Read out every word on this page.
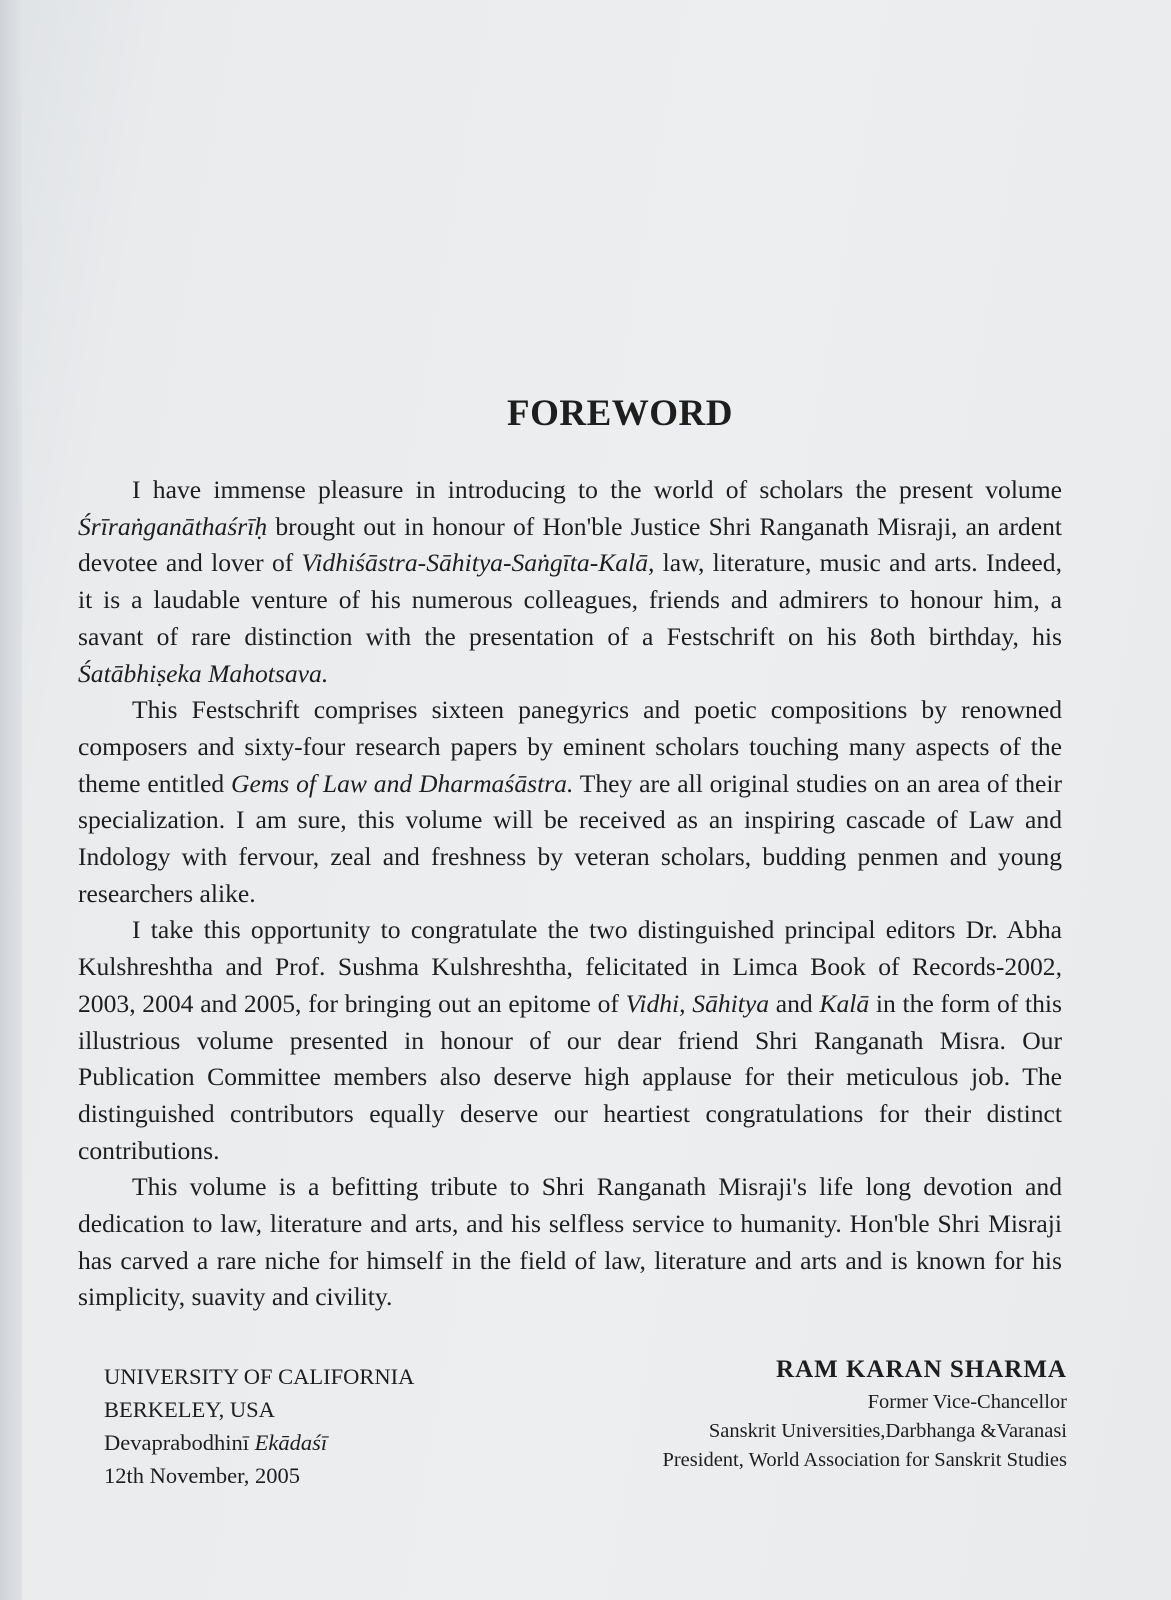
FOREWORD

I have immense pleasure in introducing to the world of scholars the present volume Śrīraṅganāthaśrīḥ brought out in honour of Hon'ble Justice Shri Ranganath Misraji, an ardent devotee and lover of Vidhiśāstra-Sāhitya-Saṅgīta-Kalā, law, literature, music and arts. Indeed, it is a laudable venture of his numerous colleagues, friends and admirers to honour him, a savant of rare distinction with the presentation of a Festschrift on his 8oth birthday, his Śatābhiṣeka Mahotsava.

This Festschrift comprises sixteen panegyrics and poetic compositions by renowned composers and sixty-four research papers by eminent scholars touching many aspects of the theme entitled Gems of Law and Dharmaśāstra. They are all original studies on an area of their specialization. I am sure, this volume will be received as an inspiring cascade of Law and Indology with fervour, zeal and freshness by veteran scholars, budding penmen and young researchers alike.

I take this opportunity to congratulate the two distinguished principal editors Dr. Abha Kulshreshtha and Prof. Sushma Kulshreshtha, felicitated in Limca Book of Records-2002, 2003, 2004 and 2005, for bringing out an epitome of Vidhi, Sāhitya and Kalā in the form of this illustrious volume presented in honour of our dear friend Shri Ranganath Misra. Our Publication Committee members also deserve high applause for their meticulous job. The distinguished contributors equally deserve our heartiest congratulations for their distinct contributions.

This volume is a befitting tribute to Shri Ranganath Misraji's life long devotion and dedication to law, literature and arts, and his selfless service to humanity. Hon'ble Shri Misraji has carved a rare niche for himself in the field of law, literature and arts and is known for his simplicity, suavity and civility.

UNIVERSITY OF CALIFORNIA
BERKELEY, USA
Devaprabodhinī Ekādaśī
12th November, 2005
RAM KARAN SHARMA
Former Vice-Chancellor
Sanskrit Universities,Darbhanga &Varanasi
President, World Association for Sanskrit Studies
